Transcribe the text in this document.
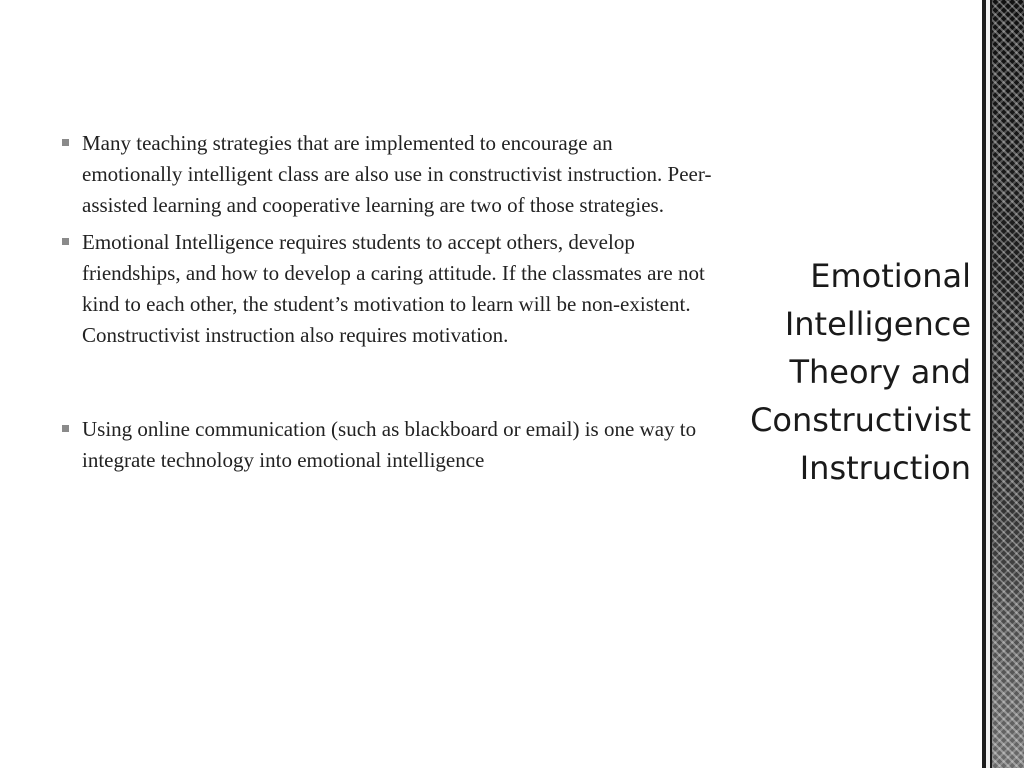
Many teaching strategies that are implemented to encourage an emotionally intelligent class are also use in constructivist instruction. Peer-assisted learning and cooperative learning are two of those strategies.
Emotional Intelligence requires students to accept others, develop friendships, and how to develop a caring attitude. If the classmates are not kind to each other, the student’s motivation to learn will be non-existent. Constructivist instruction also requires motivation.
Using online communication (such as blackboard or email) is one way to integrate technology into emotional intelligence
Emotional
Intelligence
Theory and
Constructivist
Instruction
